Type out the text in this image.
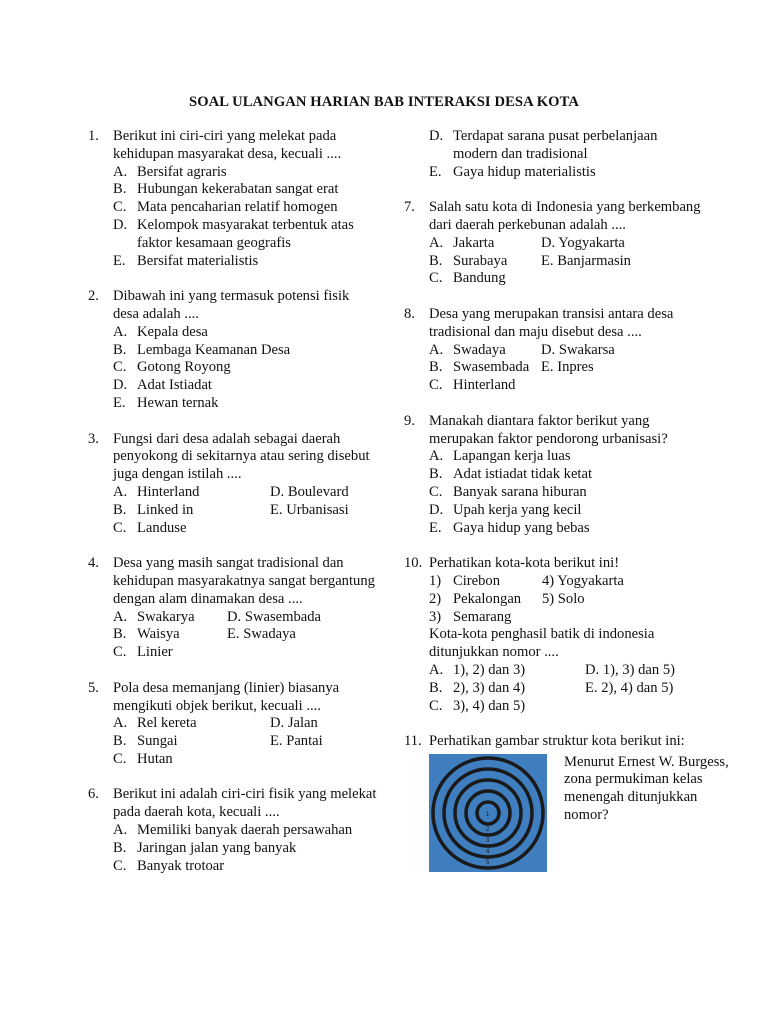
SOAL ULANGAN HARIAN BAB INTERAKSI DESA KOTA
1. Berikut ini ciri-ciri yang melekat pada kehidupan masyarakat desa, kecuali ....
A. Bersifat agraris
B. Hubungan kekerabatan sangat erat
C. Mata pencaharian relatif homogen
D. Kelompok masyarakat terbentuk atas faktor kesamaan geografis
E. Bersifat materialistis
2. Dibawah ini yang termasuk potensi fisik desa adalah ....
A. Kepala desa
B. Lembaga Keamanan Desa
C. Gotong Royong
D. Adat Istiadat
E. Hewan ternak
3. Fungsi dari desa adalah sebagai daerah penyokong di sekitarnya atau sering disebut juga dengan istilah ....
A. Hinterland	D. Boulevard
B. Linked in	E. Urbanisasi
C. Landuse
4. Desa yang masih sangat tradisional dan kehidupan masyarakatnya sangat bergantung dengan alam dinamakan desa ....
A. Swakarya D. Swasembada
B. Waisya	E. Swadaya
C. Linier
5. Pola desa memanjang (linier) biasanya mengikuti objek berikut, kecuali ....
A. Rel kereta	D. Jalan
B. Sungai	E. Pantai
C. Hutan
6. Berikut ini adalah ciri-ciri fisik yang melekat pada daerah kota, kecuali ....
A. Memiliki banyak daerah persawahan
B. Jaringan jalan yang banyak
C. Banyak trotoar
D. Terdapat sarana pusat perbelanjaan modern dan tradisional
E. Gaya hidup materialistis
7. Salah satu kota di Indonesia yang berkembang dari daerah perkebunan adalah ....
A. Jakarta	D. Yogyakarta
B. Surabaya E. Banjarmasin
C. Bandung
8. Desa yang merupakan transisi antara desa tradisional dan maju disebut desa ....
A. Swadaya D. Swakarsa
B. Swasembada E. Inpres
C. Hinterland
9. Manakah diantara faktor berikut yang merupakan faktor pendorong urbanisasi?
A. Lapangan kerja luas
B. Adat istiadat tidak ketat
C. Banyak sarana hiburan
D. Upah kerja yang kecil
E. Gaya hidup yang bebas
10. Perhatikan kota-kota berikut ini!
1) Cirebon	4) Yogyakarta
2) Pekalongan 5) Solo
3) Semarang
Kota-kota penghasil batik di indonesia ditunjukkan nomor ....
A. 1), 2) dan 3)	D. 1), 3) dan 5)
B. 2), 3) dan 4)	E. 2), 4) dan 5)
C. 3), 4) dan 5)
11. Perhatikan gambar struktur kota berikut ini:
1
2
3
4
5
Menurut Ernest W. Burgess, zona permukiman kelas menengah ditunjukkan nomor?
